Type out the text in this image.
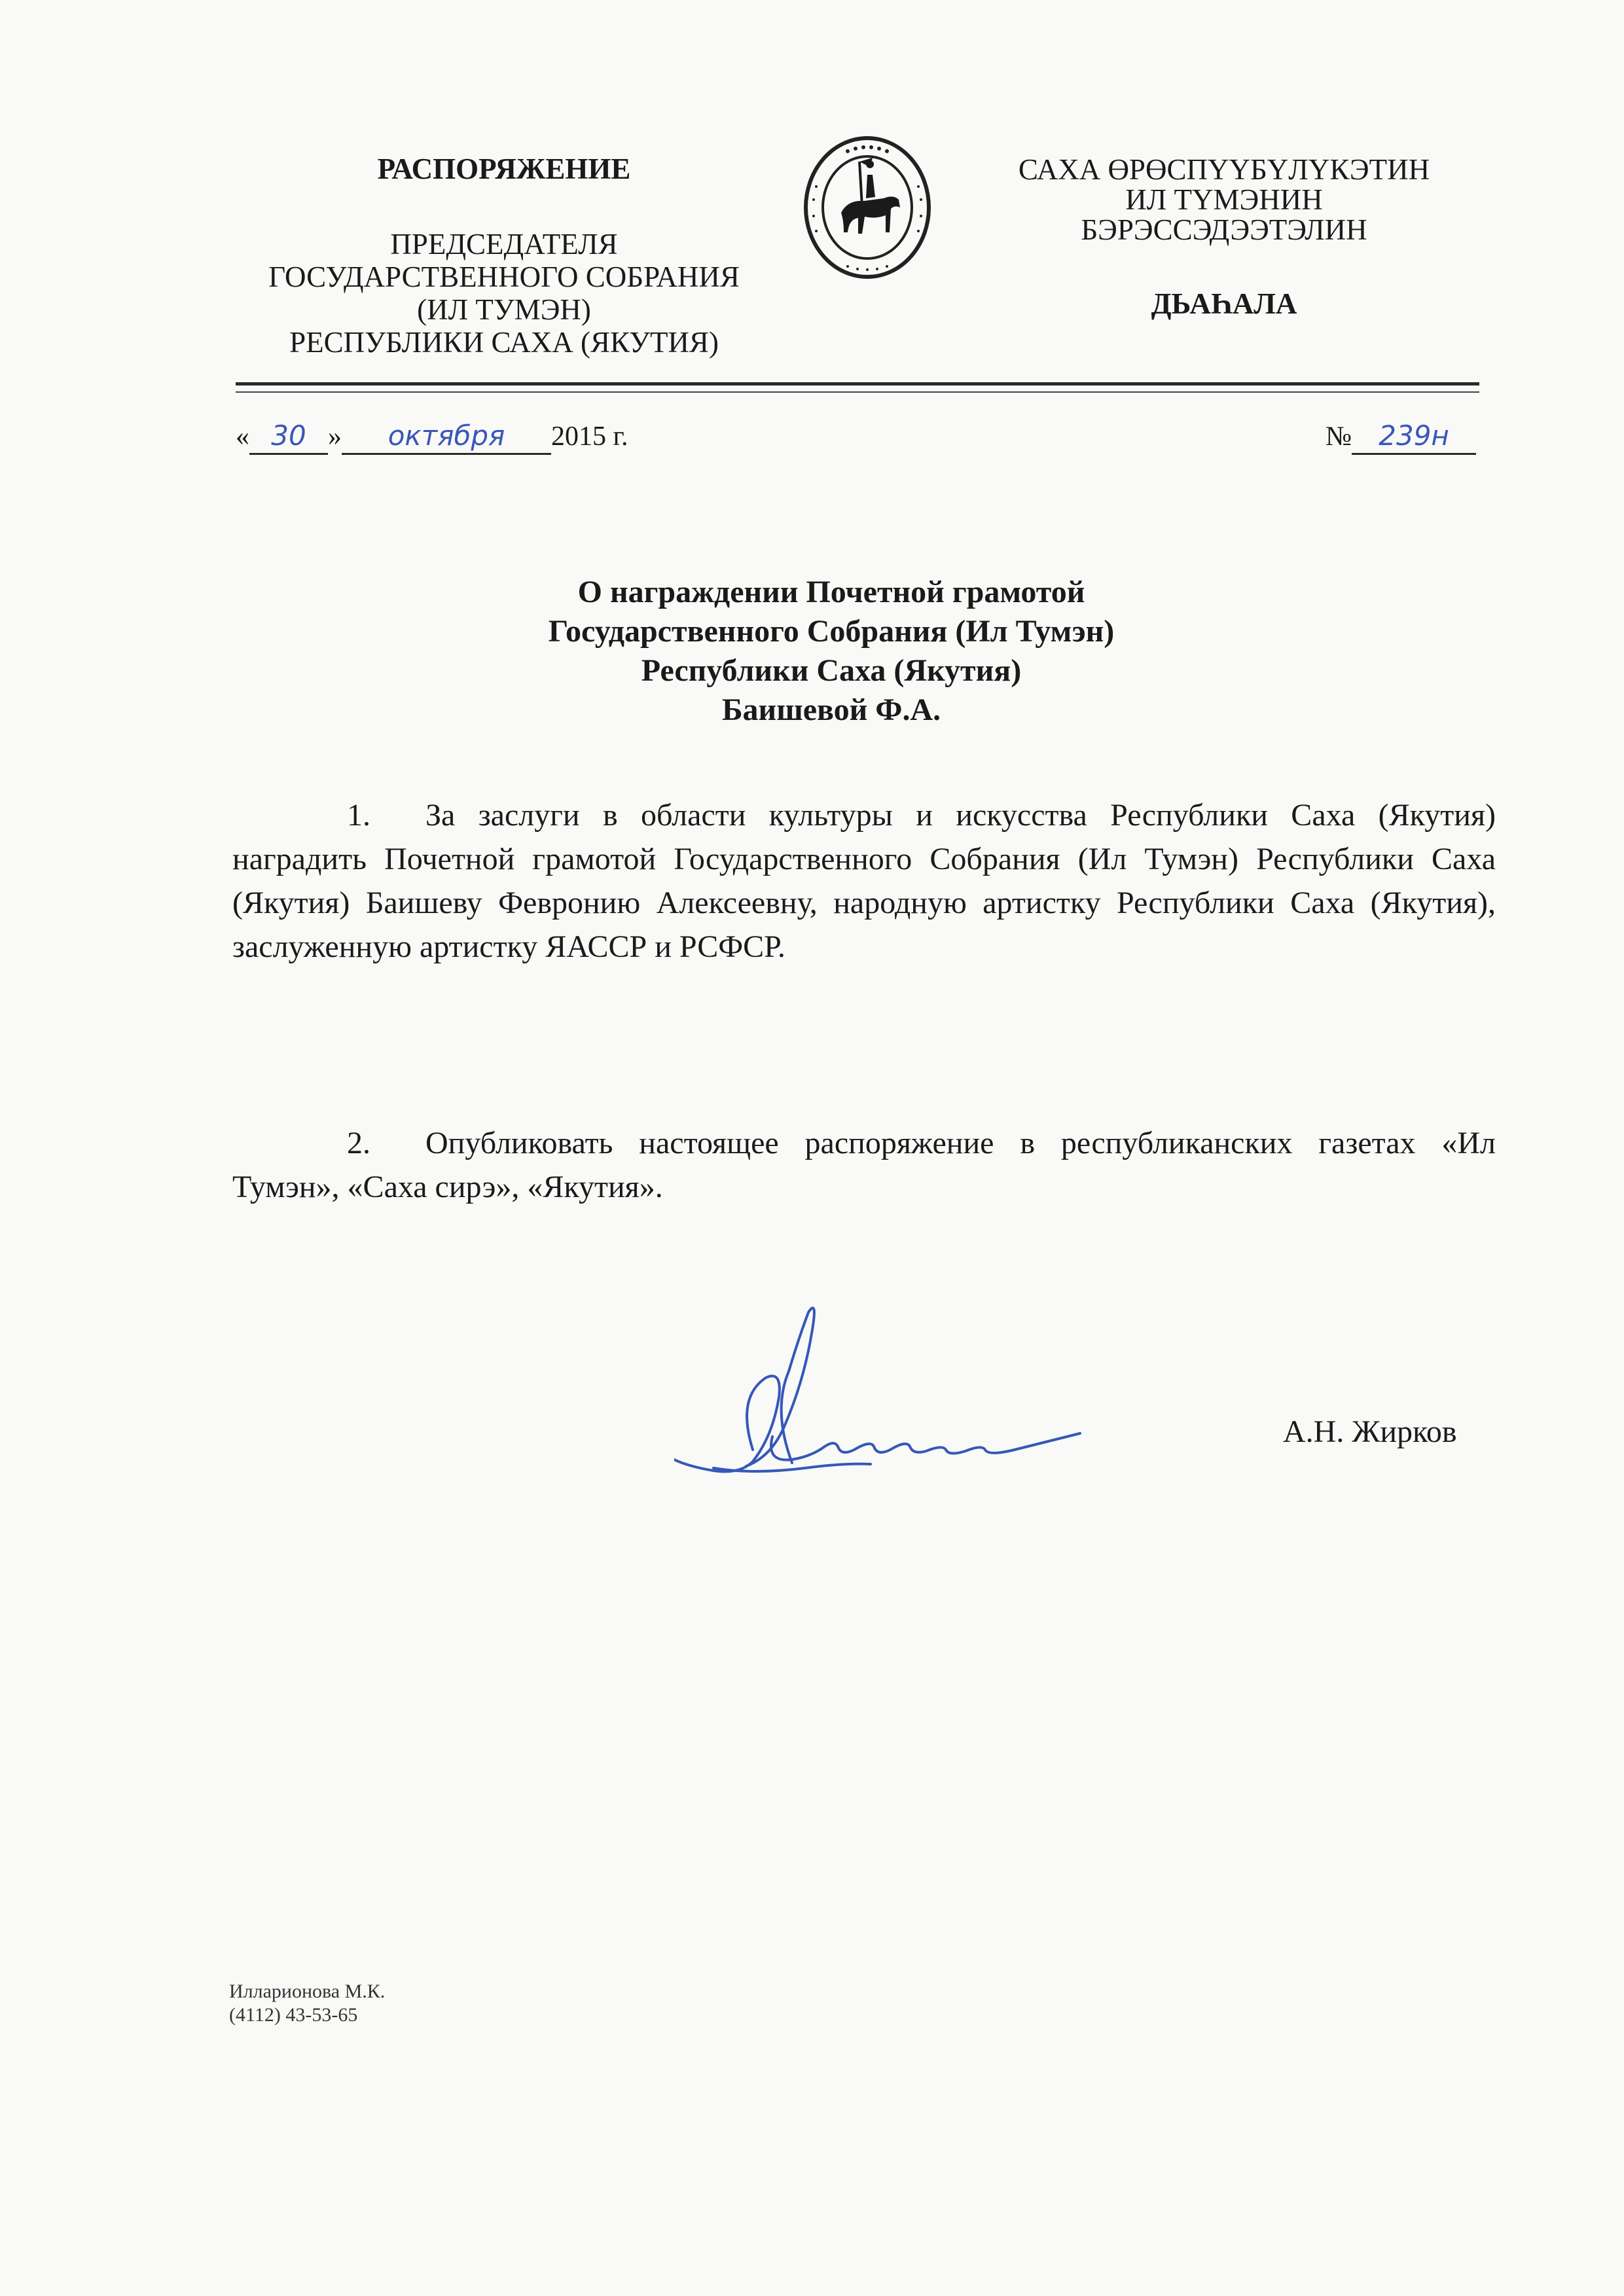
РАСПОРЯЖЕНИЕ
ПРЕДСЕДАТЕЛЯ
ГОСУДАРСТВЕННОГО СОБРАНИЯ
(ИЛ ТУМЭН)
РЕСПУБЛИКИ САХА (ЯКУТИЯ)
САХА ӨРӨСПҮҮБҮЛҮКЭТИН
ИЛ ТҮМЭНИН
БЭРЭССЭДЭЭТЭЛИН
ДЬАҺАЛА
« 30 » октября 2015 г.	№ 239н
О награждении Почетной грамотой
Государственного Собрания (Ил Тумэн)
Республики Саха (Якутия)
Баишевой Ф.А.
1. За заслуги в области культуры и искусства Республики Саха (Якутия) наградить Почетной грамотой Государственного Собрания (Ил Тумэн) Республики Саха (Якутия) Баишеву Февронию Алексеевну, народную артистку Республики Саха (Якутия), заслуженную артистку ЯАССР и РСФСР.
2. Опубликовать настоящее распоряжение в республиканских газетах «Ил Тумэн», «Саха сирэ», «Якутия».
А.Н. Жирков
Илларионова М.К.
(4112) 43-53-65
